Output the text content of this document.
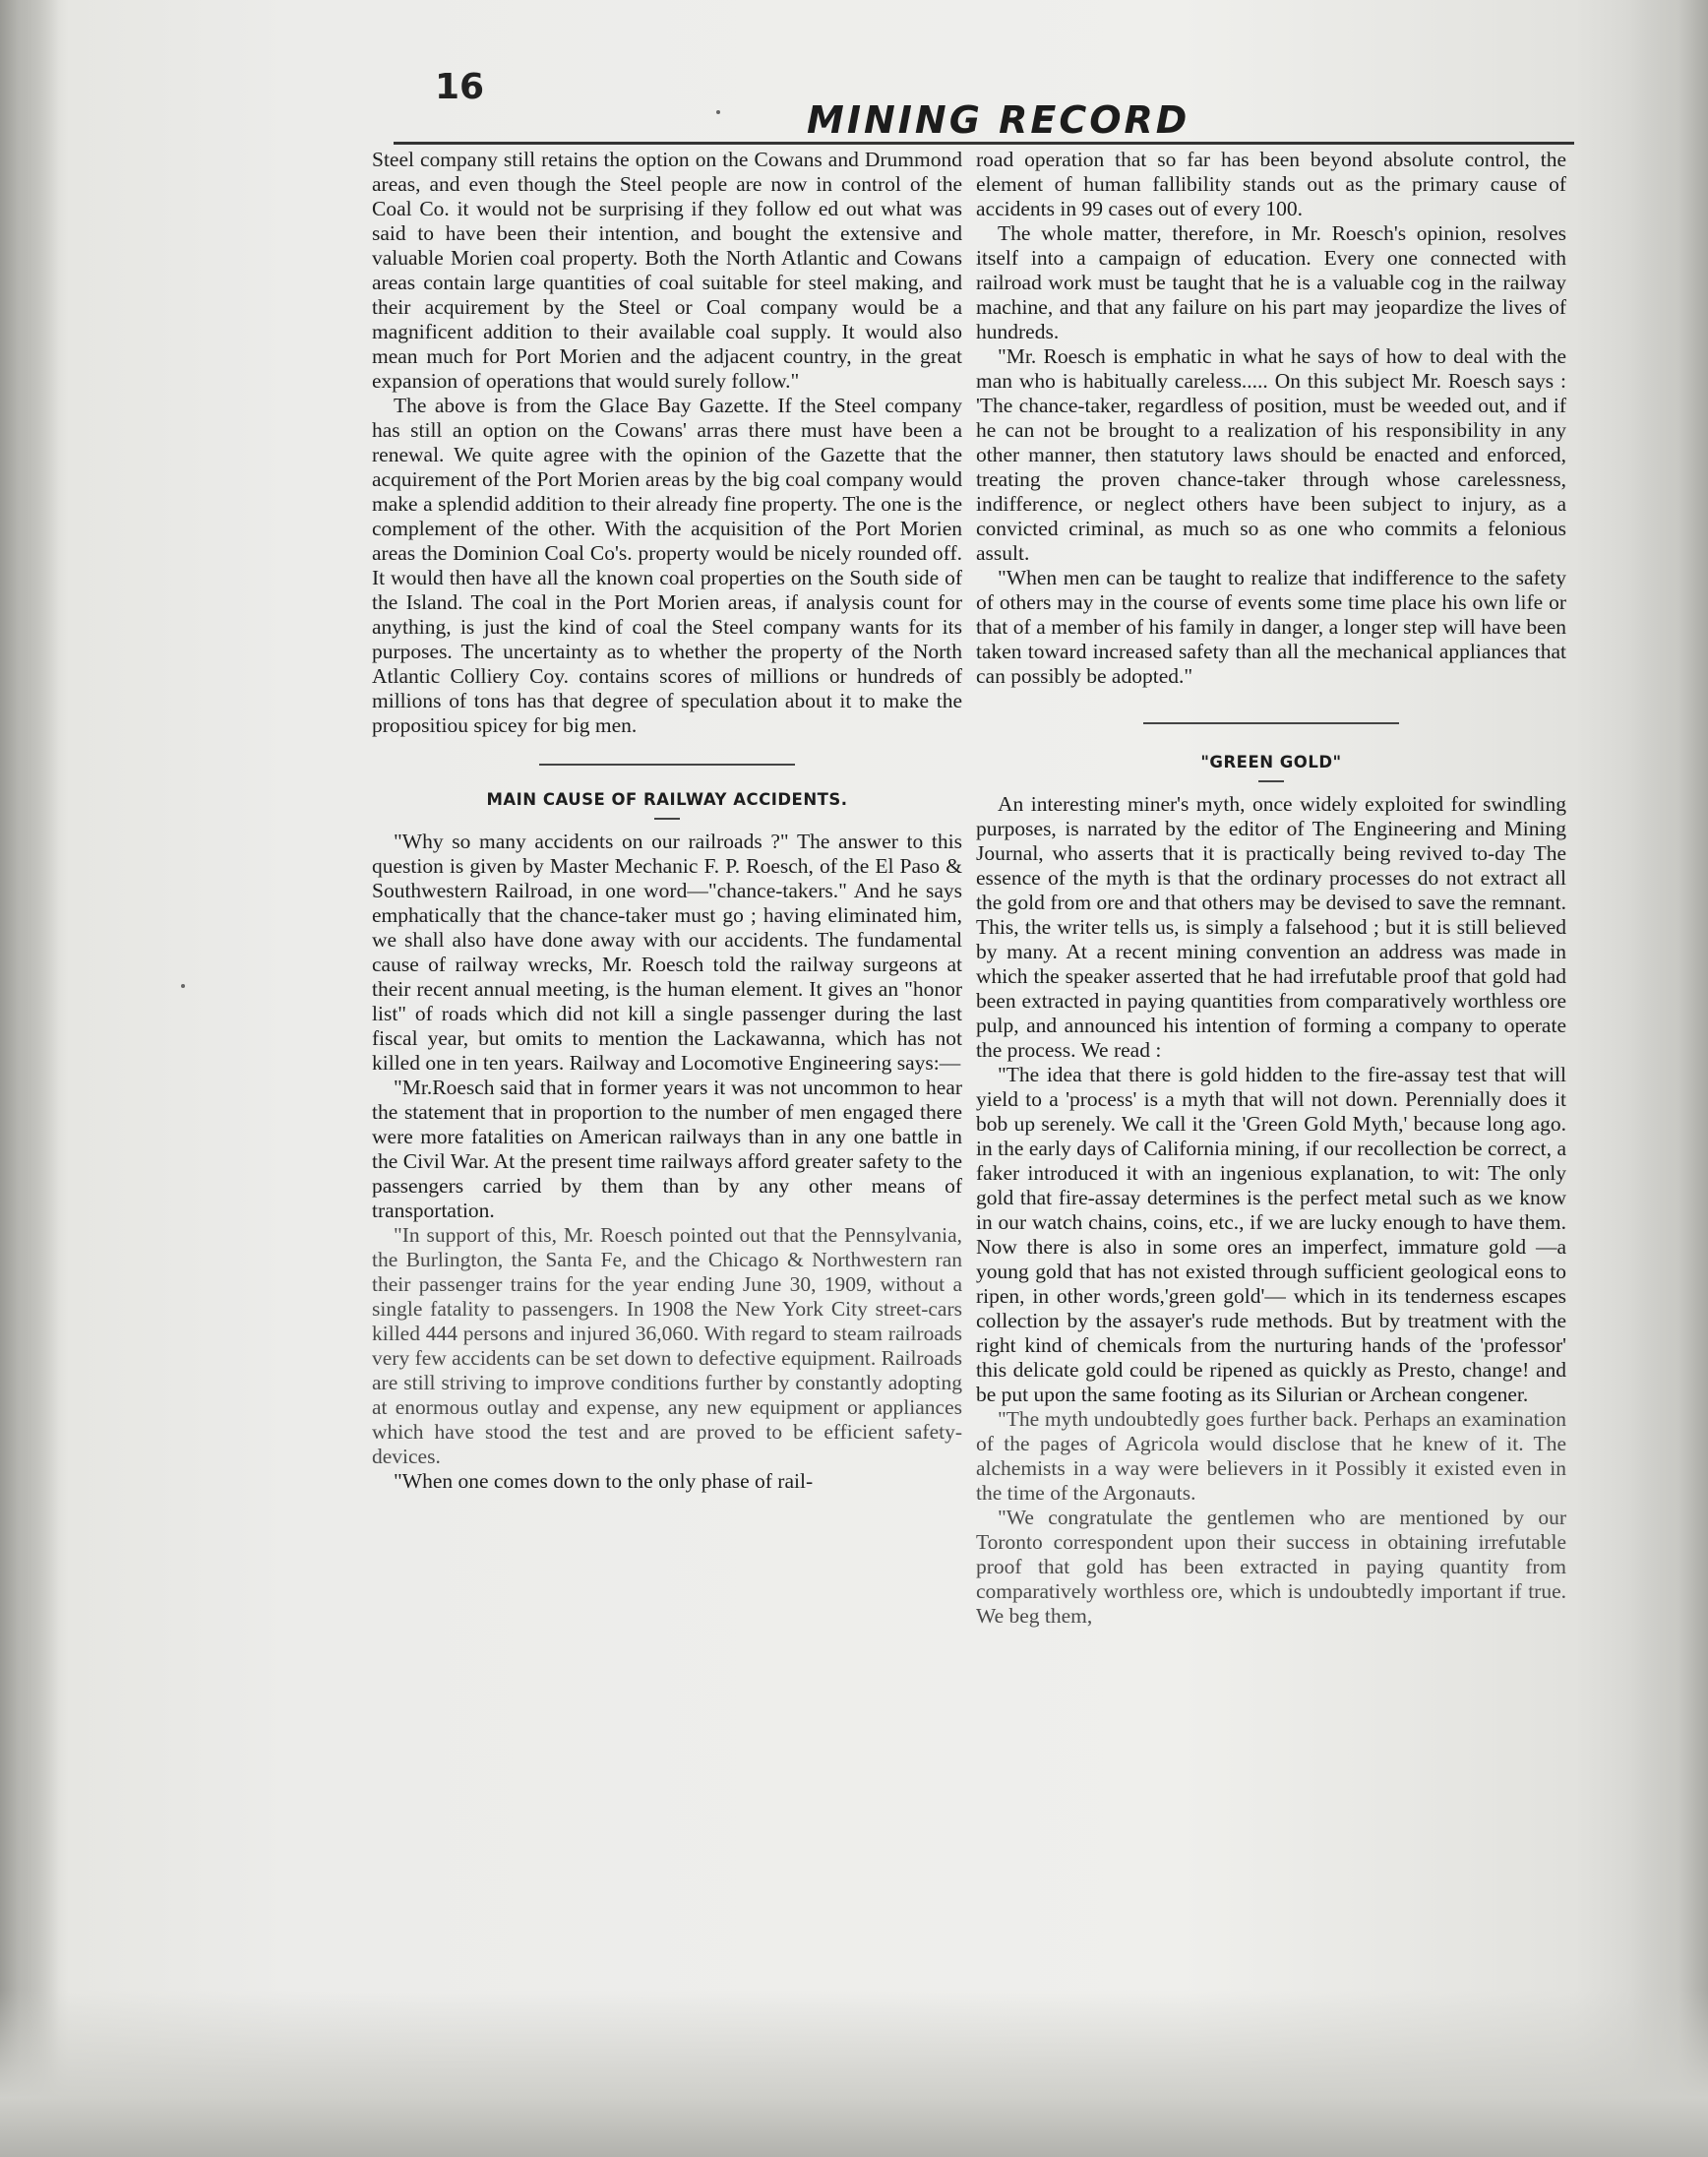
16
MINING RECORD

Steel company still retains the option on the Cowans and Drummond areas, and even though the Steel people are now in control of the Coal Co. it would not be surprising if they follow ed out what was said to have been their intention, and bought the extensive and valuable Morien coal property. Both the North Atlantic and Cowans areas contain large quantities of coal suitable for steel making, and their acquirement by the Steel or Coal company would be a magnificent addition to their available coal supply. It would also mean much for Port Morien and the adjacent country, in the great expansion of operations that would surely follow."

The above is from the Glace Bay Gazette. If the Steel company has still an option on the Cowans' arras there must have been a renewal. We quite agree with the opinion of the Gazette that the acquirement of the Port Morien areas by the big coal company would make a splendid addition to their already fine property. The one is the complement of the other. With the acquisition of the Port Morien areas the Dominion Coal Co's. property would be nicely rounded off. It would then have all the known coal properties on the South side of the Island. The coal in the Port Morien areas, if analysis count for anything, is just the kind of coal the Steel company wants for its purposes. The uncertainty as to whether the property of the North Atlantic Colliery Coy. contains scores of millions or hundreds of millions of tons has that degree of speculation about it to make the propositiou spicey for big men.

MAIN CAUSE OF RAILWAY ACCIDENTS.

"Why so many accidents on our railroads ?" The answer to this question is given by Master Mechanic F. P. Roesch, of the El Paso & Southwestern Railroad, in one word—"chance-takers." And he says emphatically that the chance-taker must go ; having eliminated him, we shall also have done away with our accidents. The fundamental cause of railway wrecks, Mr. Roesch told the railway surgeons at their recent annual meeting, is the human element. It gives an "honor list" of roads which did not kill a single passenger during the last fiscal year, but omits to mention the Lackawanna, which has not killed one in ten years. Railway and Locomotive Engineering says:—

"Mr.Roesch said that in former years it was not uncommon to hear the statement that in proportion to the number of men engaged there were more fatalities on American railways than in any one battle in the Civil War. At the present time railways afford greater safety to the passengers carried by them than by any other means of transportation.

"In support of this, Mr. Roesch pointed out that the Pennsylvania, the Burlington, the Santa Fe, and the Chicago & Northwestern ran their passenger trains for the year ending June 30, 1909, without a single fatality to passengers. In 1908 the New York City street-cars killed 444 persons and injured 36,060. With regard to steam railroads very few accidents can be set down to defective equipment. Railroads are still striving to improve conditions further by constantly adopting at enormous outlay and expense, any new equipment or appliances which have stood the test and are proved to be efficient safety-devices.

"When one comes down to the only phase of rail-

road operation that so far has been beyond absolute control, the element of human fallibility stands out as the primary cause of accidents in 99 cases out of every 100.

The whole matter, therefore, in Mr. Roesch's opinion, resolves itself into a campaign of education. Every one connected with railroad work must be taught that he is a valuable cog in the railway machine, and that any failure on his part may jeopardize the lives of hundreds.

"Mr. Roesch is emphatic in what he says of how to deal with the man who is habitually careless..... On this subject Mr. Roesch says : 'The chance-taker, regardless of position, must be weeded out, and if he can not be brought to a realization of his responsibility in any other manner, then statutory laws should be enacted and enforced, treating the proven chance-taker through whose carelessness, indifference, or neglect others have been subject to injury, as a convicted criminal, as much so as one who commits a felonious assult.

"When men can be taught to realize that indifference to the safety of others may in the course of events some time place his own life or that of a member of his family in danger, a longer step will have been taken toward increased safety than all the mechanical appliances that can possibly be adopted."

"GREEN GOLD"

An interesting miner's myth, once widely exploited for swindling purposes, is narrated by the editor of The Engineering and Mining Journal, who asserts that it is practically being revived to-day The essence of the myth is that the ordinary processes do not extract all the gold from ore and that others may be devised to save the remnant. This, the writer tells us, is simply a falsehood ; but it is still believed by many. At a recent mining convention an address was made in which the speaker asserted that he had irrefutable proof that gold had been extracted in paying quantities from comparatively worthless ore pulp, and announced his intention of forming a company to operate the process. We read :

"The idea that there is gold hidden to the fire-assay test that will yield to a 'process' is a myth that will not down. Perennially does it bob up serenely. We call it the 'Green Gold Myth,' because long ago. in the early days of California mining, if our recollection be correct, a faker introduced it with an ingenious explanation, to wit: The only gold that fire-assay determines is the perfect metal such as we know in our watch chains, coins, etc., if we are lucky enough to have them. Now there is also in some ores an imperfect, immature gold —a young gold that has not existed through sufficient geological eons to ripen, in other words,'green gold'— which in its tenderness escapes collection by the assayer's rude methods. But by treatment with the right kind of chemicals from the nurturing hands of the 'professor' this delicate gold could be ripened as quickly as Presto, change! and be put upon the same footing as its Silurian or Archean congener.

"The myth undoubtedly goes further back. Perhaps an examination of the pages of Agricola would disclose that he knew of it. The alchemists in a way were believers in it Possibly it existed even in the time of the Argonauts.

"We congratulate the gentlemen who are mentioned by our Toronto correspondent upon their success in obtaining irrefutable proof that gold has been extracted in paying quantity from comparatively worthless ore, which is undoubtedly important if true. We beg them,
